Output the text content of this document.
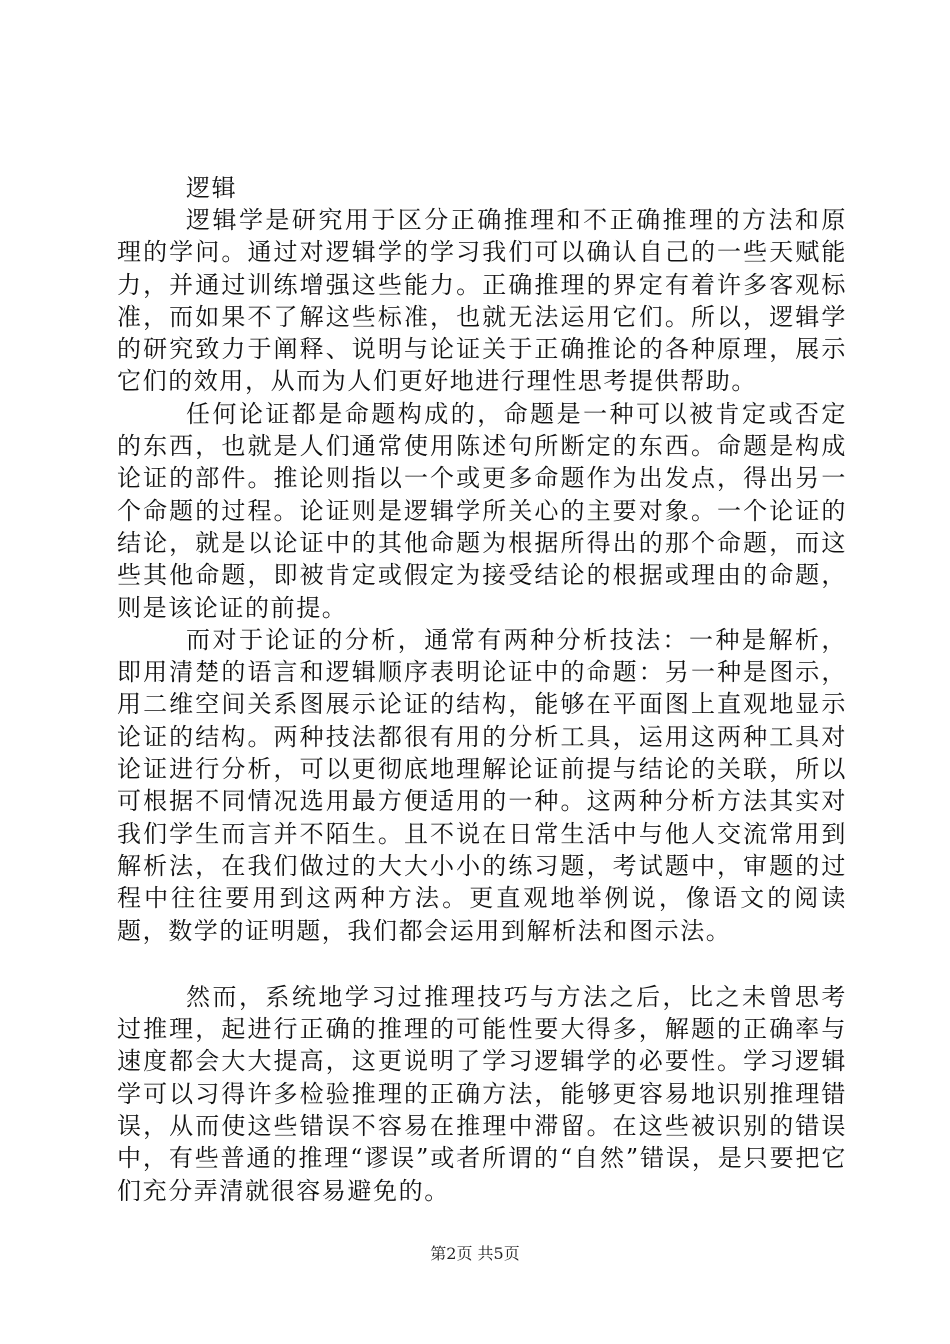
逻辑

逻辑学是研究用于区分正确推理和不正确推理的方法和原理的学问。通过对逻辑学的学习我们可以确认自己的一些天赋能力，并通过训练增强这些能力。正确推理的界定有着许多客观标准，而如果不了解这些标准，也就无法运用它们。所以，逻辑学的研究致力于阐释、说明与论证关于正确推论的各种原理，展示它们的效用，从而为人们更好地进行理性思考提供帮助。

任何论证都是命题构成的，命题是一种可以被肯定或否定的东西，也就是人们通常使用陈述句所断定的东西。命题是构成论证的部件。推论则指以一个或更多命题作为出发点，得出另一个命题的过程。论证则是逻辑学所关心的主要对象。一个论证的结论，就是以论证中的其他命题为根据所得出的那个命题，而这些其他命题，即被肯定或假定为接受结论的根据或理由的命题，则是该论证的前提。

而对于论证的分析，通常有两种分析技法：一种是解析，即用清楚的语言和逻辑顺序表明论证中的命题：另一种是图示，用二维空间关系图展示论证的结构，能够在平面图上直观地显示论证的结构。两种技法都很有用的分析工具，运用这两种工具对论证进行分析，可以更彻底地理解论证前提与结论的关联，所以可根据不同情况选用最方便适用的一种。这两种分析方法其实对我们学生而言并不陌生。且不说在日常生活中与他人交流常用到解析法，在我们做过的大大小小的练习题，考试题中，审题的过程中往往要用到这两种方法。更直观地举例说，像语文的阅读题，数学的证明题，我们都会运用到解析法和图示法。

然而，系统地学习过推理技巧与方法之后，比之未曾思考过推理，起进行正确的推理的可能性要大得多，解题的正确率与速度都会大大提高，这更说明了学习逻辑学的必要性。学习逻辑学可以习得许多检验推理的正确方法，能够更容易地识别推理错误，从而使这些错误不容易在推理中滞留。在这些被识别的错误中，有些普通的推理“谬误”或者所谓的“自然”错误，是只要把它们充分弄清就很容易避免的。

第2页 共5页
